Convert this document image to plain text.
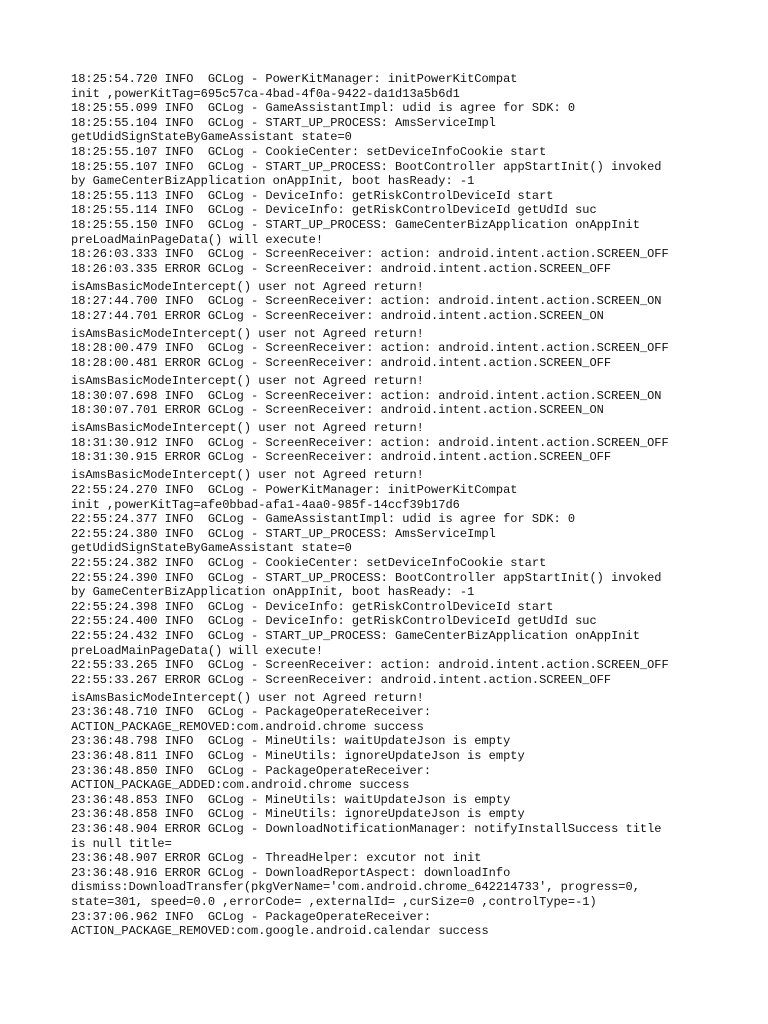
18:25:54.720 INFO  GCLog - PowerKitManager: initPowerKitCompat
init ,powerKitTag=695c57ca-4bad-4f0a-9422-da1d13a5b6d1
18:25:55.099 INFO  GCLog - GameAssistantImpl: udid is agree for SDK: 0
18:25:55.104 INFO  GCLog - START_UP_PROCESS: AmsServiceImpl
getUdidSignStateByGameAssistant state=0
18:25:55.107 INFO  GCLog - CookieCenter: setDeviceInfoCookie start
18:25:55.107 INFO  GCLog - START_UP_PROCESS: BootController appStartInit() invoked
by GameCenterBizApplication onAppInit, boot hasReady: -1
18:25:55.113 INFO  GCLog - DeviceInfo: getRiskControlDeviceId start
18:25:55.114 INFO  GCLog - DeviceInfo: getRiskControlDeviceId getUdId suc
18:25:55.150 INFO  GCLog - START_UP_PROCESS: GameCenterBizApplication onAppInit
preLoadMainPageData() will execute!
18:26:03.333 INFO  GCLog - ScreenReceiver: action: android.intent.action.SCREEN_OFF
18:26:03.335 ERROR GCLog - ScreenReceiver: android.intent.action.SCREEN_OFF
isAmsBasicModeIntercept() user not Agreed return!
18:27:44.700 INFO  GCLog - ScreenReceiver: action: android.intent.action.SCREEN_ON
18:27:44.701 ERROR GCLog - ScreenReceiver: android.intent.action.SCREEN_ON
isAmsBasicModeIntercept() user not Agreed return!
18:28:00.479 INFO  GCLog - ScreenReceiver: action: android.intent.action.SCREEN_OFF
18:28:00.481 ERROR GCLog - ScreenReceiver: android.intent.action.SCREEN_OFF
isAmsBasicModeIntercept() user not Agreed return!
18:30:07.698 INFO  GCLog - ScreenReceiver: action: android.intent.action.SCREEN_ON
18:30:07.701 ERROR GCLog - ScreenReceiver: android.intent.action.SCREEN_ON
isAmsBasicModeIntercept() user not Agreed return!
18:31:30.912 INFO  GCLog - ScreenReceiver: action: android.intent.action.SCREEN_OFF
18:31:30.915 ERROR GCLog - ScreenReceiver: android.intent.action.SCREEN_OFF
isAmsBasicModeIntercept() user not Agreed return!
22:55:24.270 INFO  GCLog - PowerKitManager: initPowerKitCompat
init ,powerKitTag=afe0bbad-afa1-4aa0-985f-14ccf39b17d6
22:55:24.377 INFO  GCLog - GameAssistantImpl: udid is agree for SDK: 0
22:55:24.380 INFO  GCLog - START_UP_PROCESS: AmsServiceImpl
getUdidSignStateByGameAssistant state=0
22:55:24.382 INFO  GCLog - CookieCenter: setDeviceInfoCookie start
22:55:24.390 INFO  GCLog - START_UP_PROCESS: BootController appStartInit() invoked
by GameCenterBizApplication onAppInit, boot hasReady: -1
22:55:24.398 INFO  GCLog - DeviceInfo: getRiskControlDeviceId start
22:55:24.400 INFO  GCLog - DeviceInfo: getRiskControlDeviceId getUdId suc
22:55:24.432 INFO  GCLog - START_UP_PROCESS: GameCenterBizApplication onAppInit
preLoadMainPageData() will execute!
22:55:33.265 INFO  GCLog - ScreenReceiver: action: android.intent.action.SCREEN_OFF
22:55:33.267 ERROR GCLog - ScreenReceiver: android.intent.action.SCREEN_OFF
isAmsBasicModeIntercept() user not Agreed return!
23:36:48.710 INFO  GCLog - PackageOperateReceiver:
ACTION_PACKAGE_REMOVED:com.android.chrome success
23:36:48.798 INFO  GCLog - MineUtils: waitUpdateJson is empty
23:36:48.811 INFO  GCLog - MineUtils: ignoreUpdateJson is empty
23:36:48.850 INFO  GCLog - PackageOperateReceiver:
ACTION_PACKAGE_ADDED:com.android.chrome success
23:36:48.853 INFO  GCLog - MineUtils: waitUpdateJson is empty
23:36:48.858 INFO  GCLog - MineUtils: ignoreUpdateJson is empty
23:36:48.904 ERROR GCLog - DownloadNotificationManager: notifyInstallSuccess title
is null title=
23:36:48.907 ERROR GCLog - ThreadHelper: excutor not init
23:36:48.916 ERROR GCLog - DownloadReportAspect: downloadInfo
dismiss:DownloadTransfer(pkgVerName='com.android.chrome_642214733', progress=0,
state=301, speed=0.0 ,errorCode= ,externalId= ,curSize=0 ,controlType=-1)
23:37:06.962 INFO  GCLog - PackageOperateReceiver:
ACTION_PACKAGE_REMOVED:com.google.android.calendar success
